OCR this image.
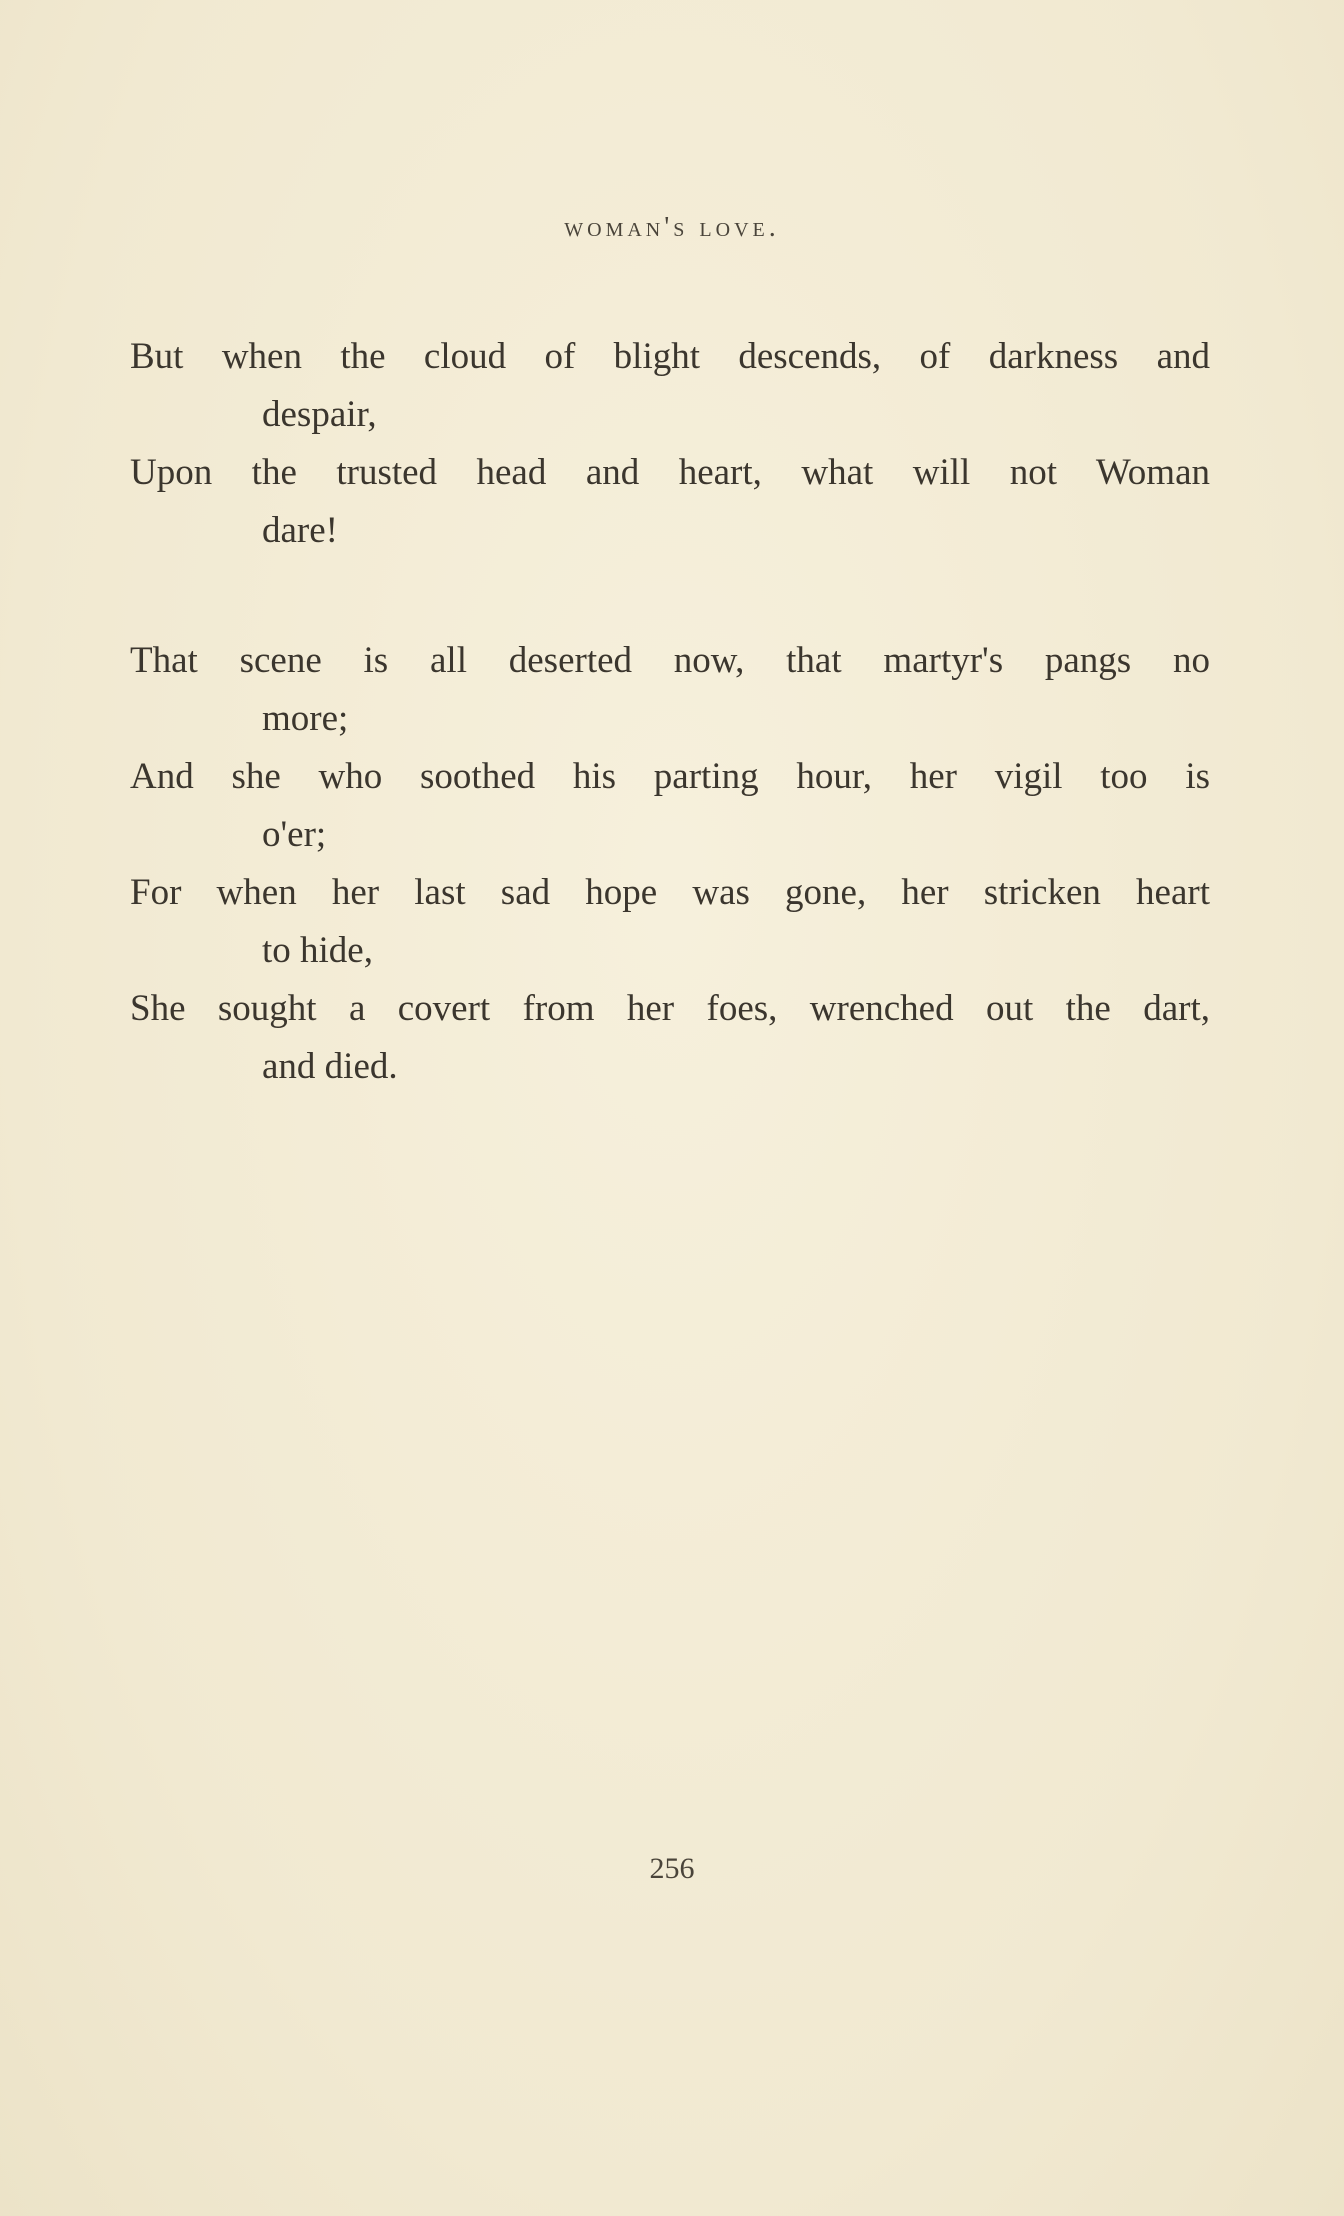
woman's love.
But when the cloud of blight descends, of darkness and
despair,
Upon the trusted head and heart, what will not Woman
dare!
That scene is all deserted now, that martyr's pangs no
more;
And she who soothed his parting hour, her vigil too is
o'er;
For when her last sad hope was gone, her stricken heart
to hide,
She sought a covert from her foes, wrenched out the dart,
and died.
256
